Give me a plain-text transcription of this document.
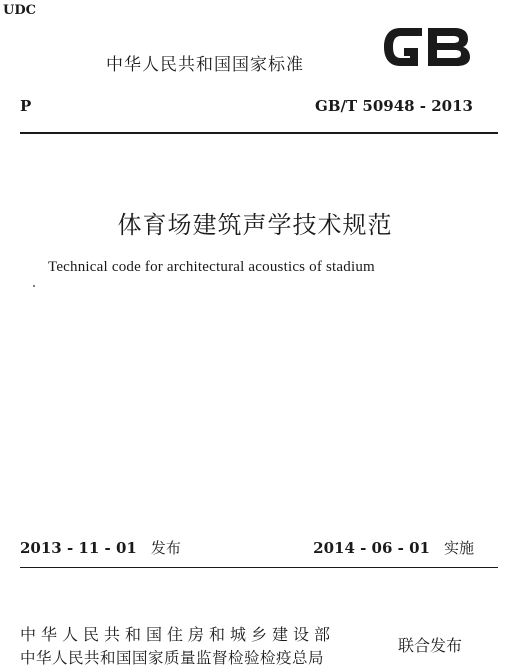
UDC
中华人民共和国国家标准
P	GB/T 50948 - 2013
体育场建筑声学技术规范
Technical code for architectural acoustics of stadium
2013 - 11 - 01 发布	2014 - 06 - 01 实施
中华人民共和国住房和城乡建设部
中华人民共和国国家质量监督检验检疫总局
联合发布
